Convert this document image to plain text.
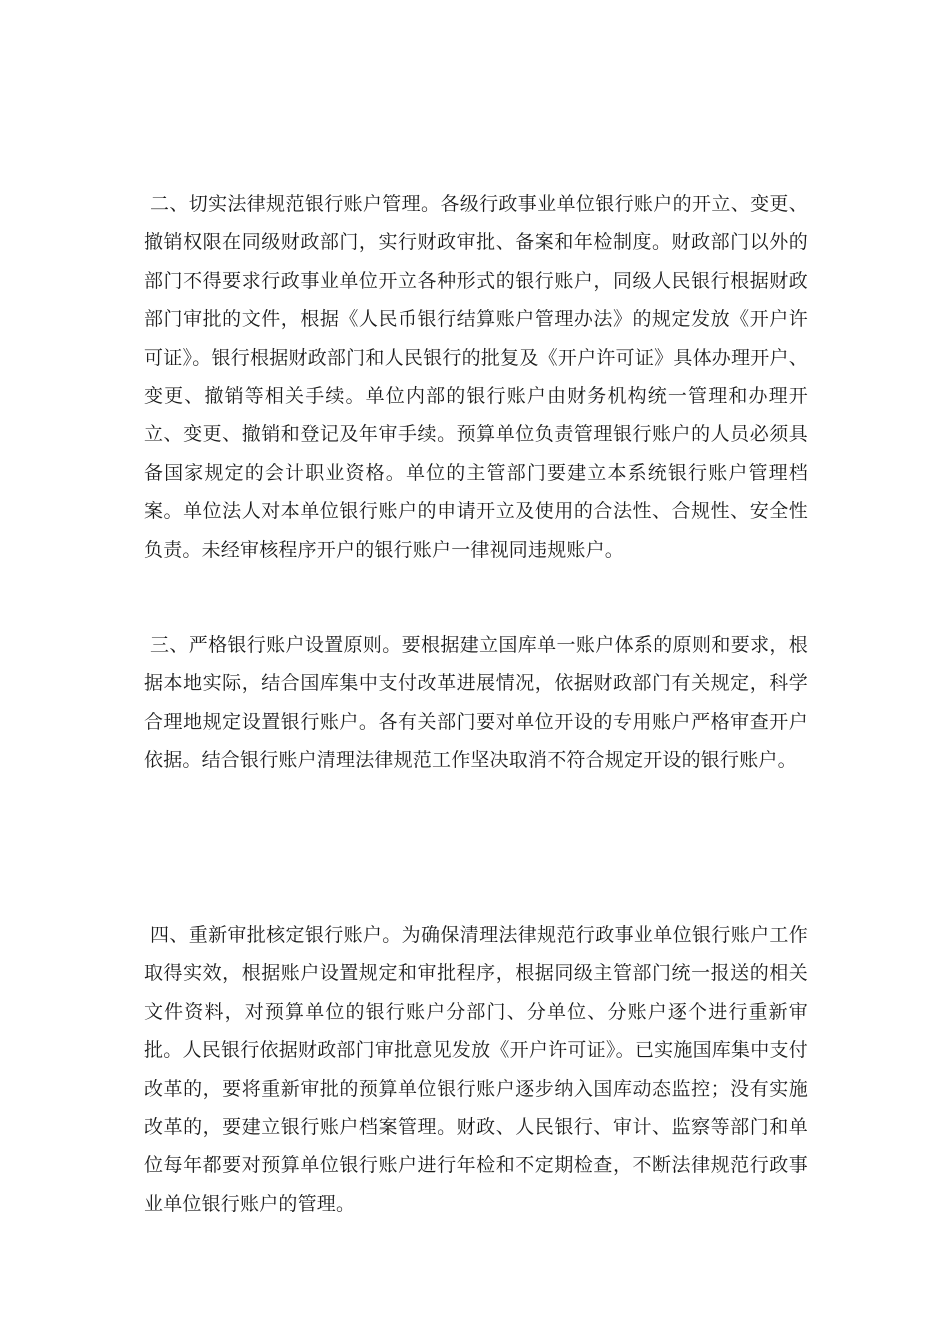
二、切实法律规范银行账户管理。各级行政事业单位银行账户的开立、变更、撤销权限在同级财政部门，实行财政审批、备案和年检制度。财政部门以外的部门不得要求行政事业单位开立各种形式的银行账户，同级人民银行根据财政部门审批的文件，根据《人民币银行结算账户管理办法》的规定发放《开户许可证》。银行根据财政部门和人民银行的批复及《开户许可证》具体办理开户、变更、撤销等相关手续。单位内部的银行账户由财务机构统一管理和办理开立、变更、撤销和登记及年审手续。预算单位负责管理银行账户的人员必须具备国家规定的会计职业资格。单位的主管部门要建立本系统银行账户管理档案。单位法人对本单位银行账户的申请开立及使用的合法性、合规性、安全性负责。未经审核程序开户的银行账户一律视同违规账户。

三、严格银行账户设置原则。要根据建立国库单一账户体系的原则和要求，根据本地实际，结合国库集中支付改革进展情况，依据财政部门有关规定，科学合理地规定设置银行账户。各有关部门要对单位开设的专用账户严格审查开户依据。结合银行账户清理法律规范工作坚决取消不符合规定开设的银行账户。

四、重新审批核定银行账户。为确保清理法律规范行政事业单位银行账户工作取得实效，根据账户设置规定和审批程序，根据同级主管部门统一报送的相关文件资料，对预算单位的银行账户分部门、分单位、分账户逐个进行重新审批。人民银行依据财政部门审批意见发放《开户许可证》。已实施国库集中支付改革的，要将重新审批的预算单位银行账户逐步纳入国库动态监控；没有实施改革的，要建立银行账户档案管理。财政、人民银行、审计、监察等部门和单位每年都要对预算单位银行账户进行年检和不定期检查，不断法律规范行政事业单位银行账户的管理。
